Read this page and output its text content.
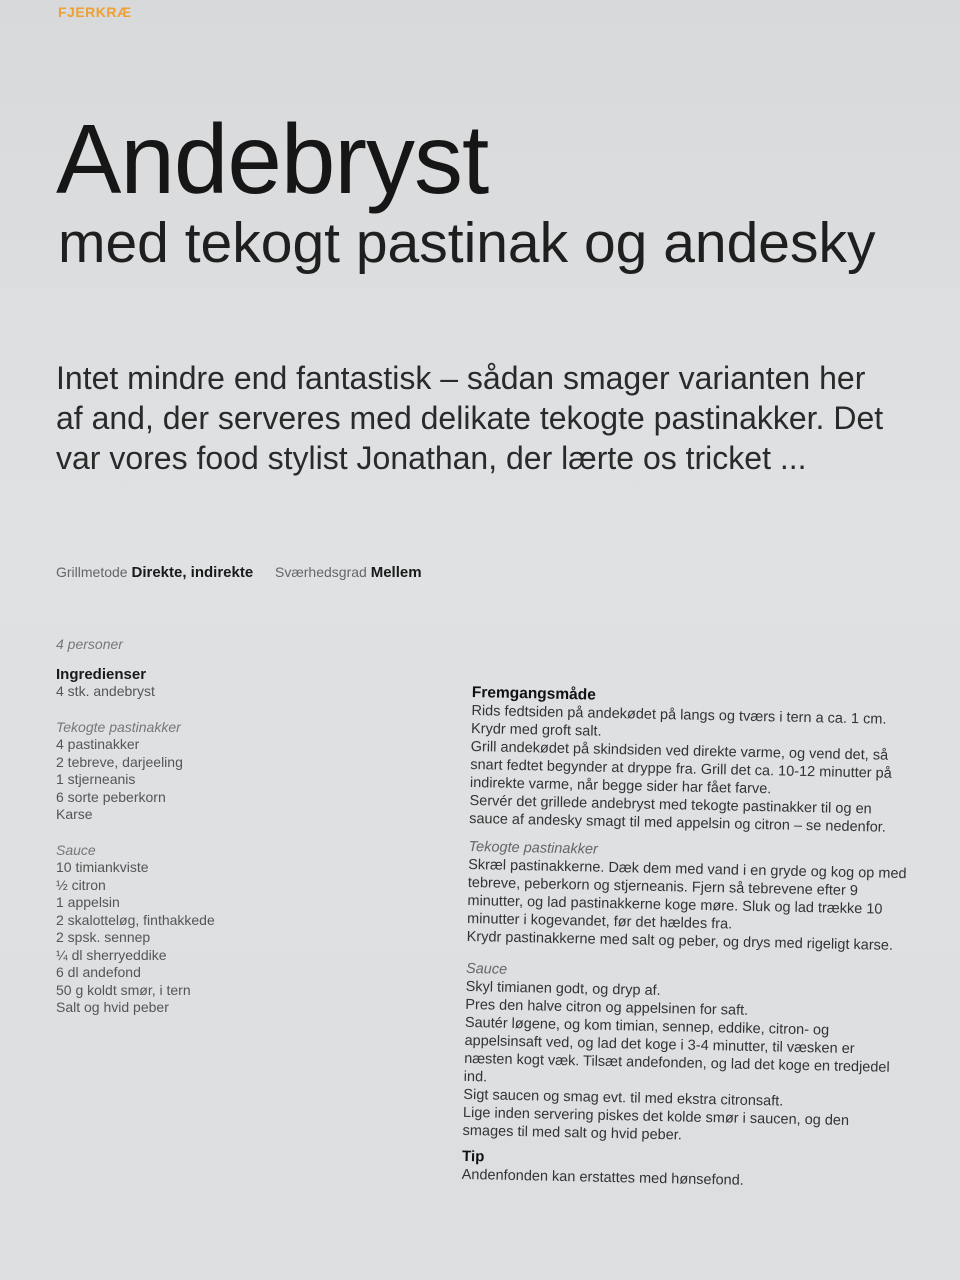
FJERKRÆ
Andebryst
med tekogt pastinak og andesky

Intet mindre end fantastisk – sådan smager varianten her af and, der serveres med delikate tekogte pastinakker. Det var vores food stylist Jonathan, der lærte os tricket ...

Grillmetode Direkte, indirekte Sværhedsgrad Mellem
4 personer
Ingredienser
4 stk. andebryst
Tekogte pastinakker
4 pastinakker
2 tebreve, darjeeling
1 stjerneanis
6 sorte peberkorn
Karse
Sauce
10 timiankviste
½ citron
1 appelsin
2 skalotteløg, finthakkede
2 spsk. sennep
¼ dl sherryeddike
6 dl andefond
50 g koldt smør, i tern
Salt og hvid peber
Fremgangsmåde
Rids fedtsiden på andekødet på langs og tværs i tern a ca. 1 cm. Krydr med groft salt.
Grill andekødet på skindsiden ved direkte varme, og vend det, så snart fedtet begynder at dryppe fra. Grill det ca. 10-12 minutter på indirekte varme, når begge sider har fået farve.
Servér det grillede andebryst med tekogte pastinakker til og en sauce af andesky smagt til med appelsin og citron – se nedenfor.
Tekogte pastinakker
Skræl pastinakkerne. Dæk dem med vand i en gryde og kog op med tebreve, peberkorn og stjerneanis. Fjern så tebrevene efter 9 minutter, og lad pastinakkerne koge møre. Sluk og lad trække 10 minutter i kogevandet, før det hældes fra.
Krydr pastinakkerne med salt og peber, og drys med rigeligt karse.
Sauce
Skyl timianen godt, og dryp af.
Pres den halve citron og appelsinen for saft.
Sautér løgene, og kom timian, sennep, eddike, citron- og appelsinsaft ved, og lad det koge i 3-4 minutter, til væsken er næsten kogt væk. Tilsæt andefonden, og lad det koge en tredjedel ind.
Sigt saucen og smag evt. til med ekstra citronsaft.
Lige inden servering piskes det kolde smør i saucen, og den smages til med salt og hvid peber.
Tip
Andenfonden kan erstattes med hønsefond.
